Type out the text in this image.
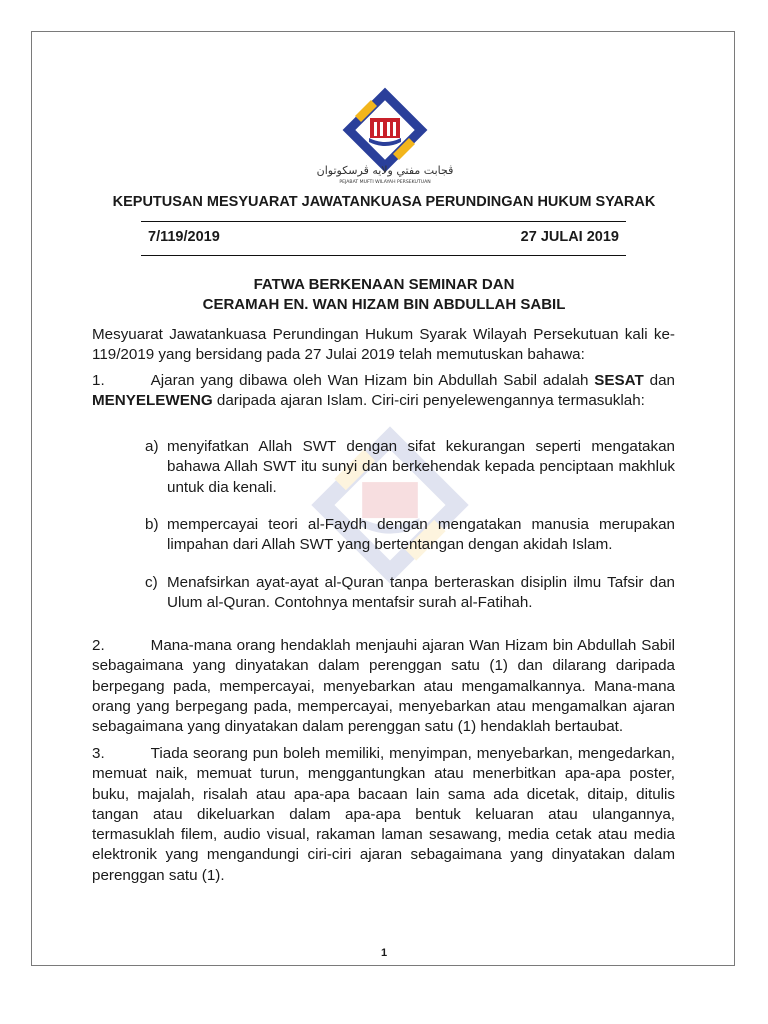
ڤجابت مفتي ولايه ڤرسكوتوان
PEJABAT MUFTI WILAYAH PERSEKUTUAN
KEPUTUSAN MESYUARAT JAWATANKUASA PERUNDINGAN HUKUM SYARAK
7/119/2019	27 JULAI 2019
FATWA BERKENAAN SEMINAR DAN
CERAMAH EN. WAN HIZAM BIN ABDULLAH SABIL
Mesyuarat Jawatankuasa Perundingan Hukum Syarak Wilayah Persekutuan kali ke-119/2019 yang bersidang pada 27 Julai 2019 telah memutuskan bahawa:
1.	Ajaran yang dibawa oleh Wan Hizam bin Abdullah Sabil adalah SESAT dan MENYELEWENG daripada ajaran Islam. Ciri-ciri penyelewengannya termasuklah:
a) menyifatkan Allah SWT dengan sifat kekurangan seperti mengatakan bahawa Allah SWT itu sunyi dan berkehendak kepada penciptaan makhluk untuk dia kenali.
b) mempercayai teori al-Faydh dengan mengatakan manusia merupakan limpahan dari Allah SWT yang bertentangan dengan akidah Islam.
c) Menafsirkan ayat-ayat al-Quran tanpa berteraskan disiplin ilmu Tafsir dan Ulum al-Quran. Contohnya mentafsir surah al-Fatihah.
2.	Mana-mana orang hendaklah menjauhi ajaran Wan Hizam bin Abdullah Sabil sebagaimana yang dinyatakan dalam perenggan satu (1) dan dilarang daripada berpegang pada, mempercayai, menyebarkan atau mengamalkannya. Mana-mana orang yang berpegang pada, mempercayai, menyebarkan atau mengamalkan ajaran sebagaimana yang dinyatakan dalam perenggan satu (1) hendaklah bertaubat.
3.	Tiada seorang pun boleh memiliki, menyimpan, menyebarkan, mengedarkan, memuat naik, memuat turun, menggantungkan atau menerbitkan apa-apa poster, buku, majalah, risalah atau apa-apa bacaan lain sama ada dicetak, ditaip, ditulis tangan atau dikeluarkan dalam apa-apa bentuk keluaran atau ulangannya, termasuklah filem, audio visual, rakaman laman sesawang, media cetak atau media elektronik yang mengandungi ciri-ciri ajaran sebagaimana yang dinyatakan dalam perenggan satu (1).
1
